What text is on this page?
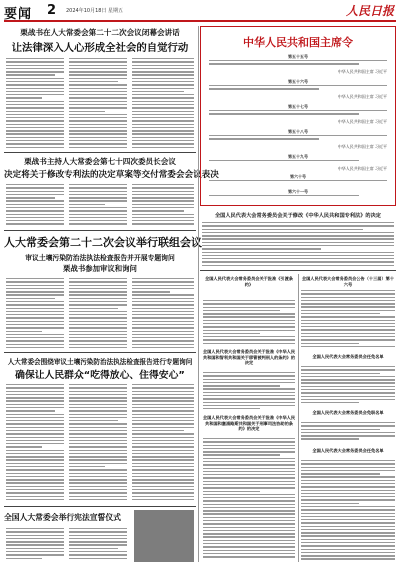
要闻 2 2024年10月18日 星期五	人民日报
栗战书在人大常委会第二十二次会议闭幕会讲话
让法律深入人心形成全社会的自觉行动
栗战书主持人大常委会第七十四次委员长会议
决定将关于修改专利法的决定草案等交付常委会会议表决
人大常委会第二十二次会议举行联组会议
审议土壤污染防治法执法检查报告并开展专题询问
栗战书参加审议和询问
人大常委会围绕审议土壤污染防治法执法检查报告进行专题询问
确保让人民群众“吃得放心、住得安心”
全国人大常委会举行宪法宣誓仪式
中华人民共和国主席令
第五十五号
中华人民共和国主席 习近平
第五十六号
中华人民共和国主席 习近平
第五十七号
中华人民共和国主席 习近平
第五十八号
中华人民共和国主席 习近平
第五十九号
中华人民共和国主席 习近平
第六十号
第六十一号
全国人民代表大会常务委员会关于修改《中华人民共和国专利法》的决定
全国人民代表大会常务委员会关于批准《引渡条约》
全国人民代表大会常务委员会关于批准《中华人民共和国和智利共和国关于移管被判刑人的条约》的决定
全国人民代表大会常务委员会关于批准《中华人民共和国和塞浦路斯共和国关于刑事司法协助的条约》的决定
全国人民代表大会常务委员会公告（十三届）第十六号
全国人民代表大会常务委员会任免名单
全国人民代表大会常务委员会免职名单
全国人民代表大会常务委员会任免名单
